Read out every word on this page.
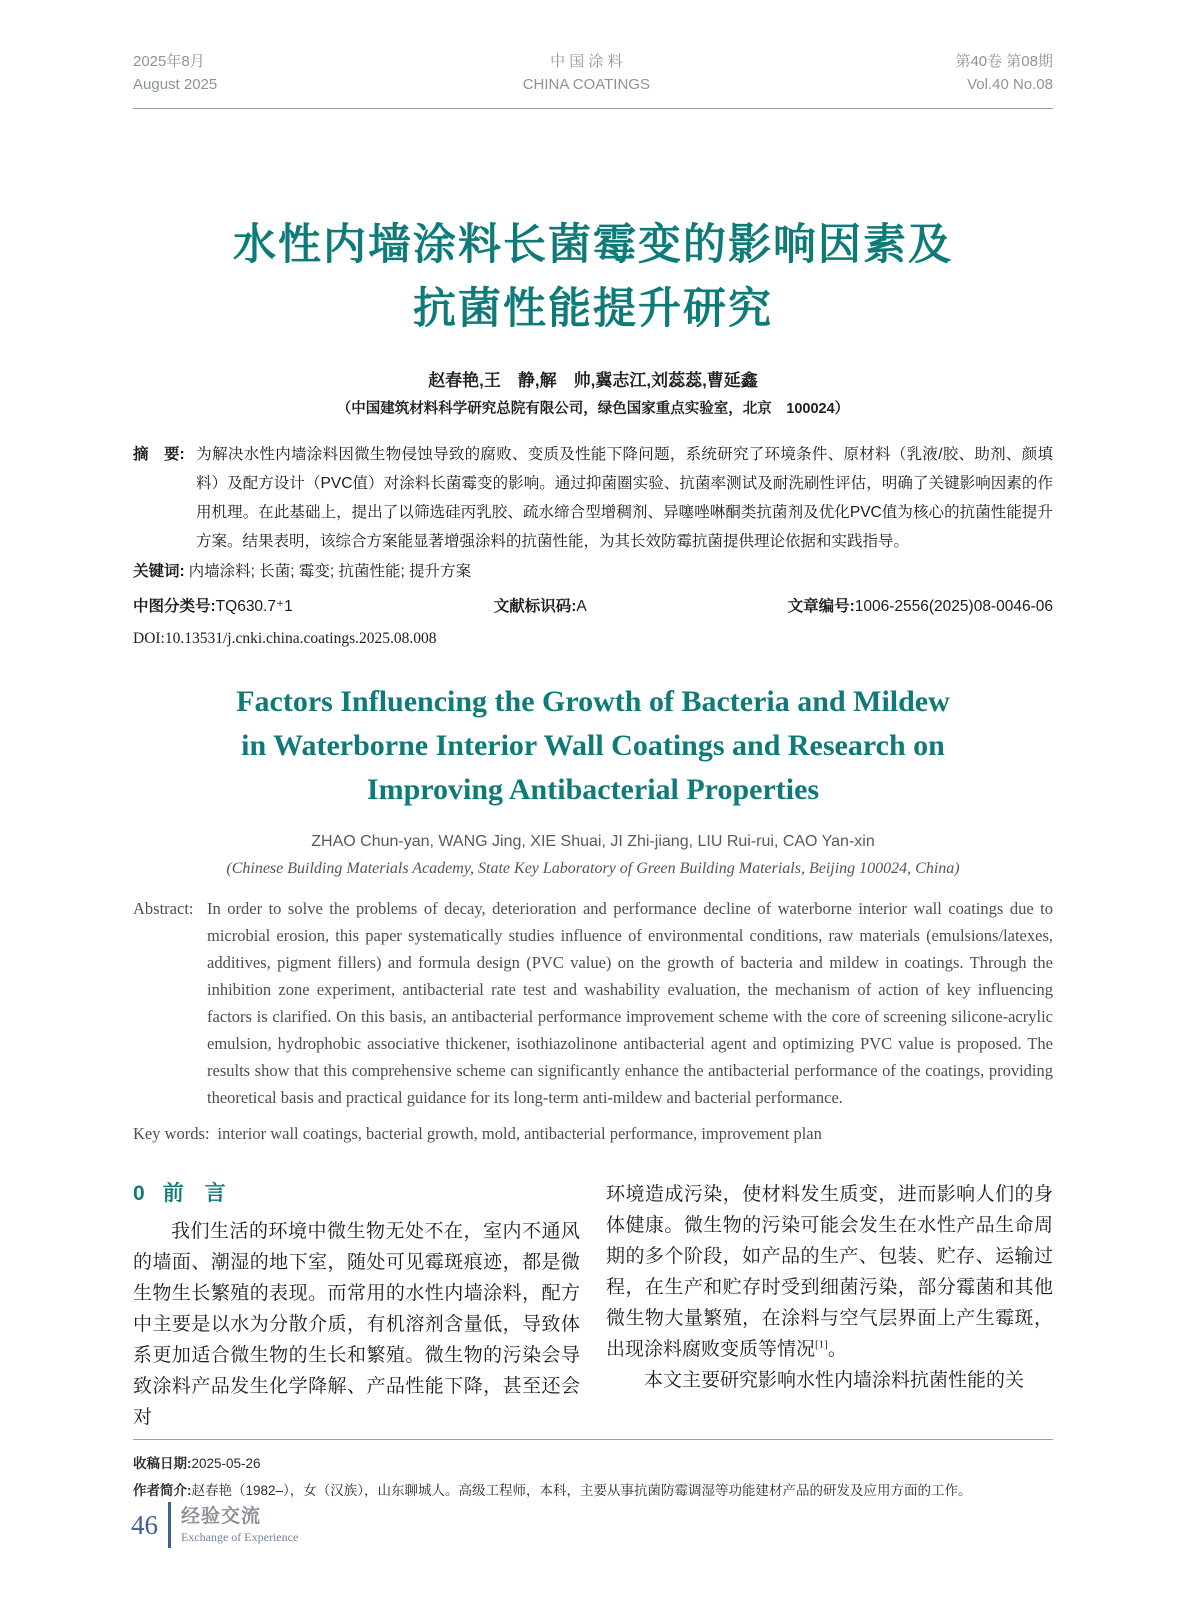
2025年8月
August 2025
中 国 涂 料
CHINA COATINGS
第40卷 第08期
Vol.40 No.08
水性内墙涂料长菌霉变的影响因素及
抗菌性能提升研究
赵春艳,王　静,解　帅,冀志江,刘蕊蕊,曹延鑫
（中国建筑材料科学研究总院有限公司，绿色国家重点实验室，北京　100024）
摘　要: 为解决水性内墙涂料因微生物侵蚀导致的腐败、变质及性能下降问题，系统研究了环境条件、原材料（乳液/胶、助剂、颜填料）及配方设计（PVC值）对涂料长菌霉变的影响。通过抑菌圈实验、抗菌率测试及耐洗刷性评估，明确了关键影响因素的作用机理。在此基础上，提出了以筛选硅丙乳胶、疏水缔合型增稠剂、异噻唑啉酮类抗菌剂及优化PVC值为核心的抗菌性能提升方案。结果表明，该综合方案能显著增强涂料的抗菌性能，为其长效防霉抗菌提供理论依据和实践指导。
关键词: 内墙涂料; 长菌; 霉变; 抗菌性能; 提升方案
中图分类号:TQ630.7⁺1	文献标识码:A	文章编号:1006-2556(2025)08-0046-06
DOI:10.13531/j.cnki.china.coatings.2025.08.008
Factors Influencing the Growth of Bacteria and Mildew
in Waterborne Interior Wall Coatings and Research on
Improving Antibacterial Properties
ZHAO Chun-yan, WANG Jing, XIE Shuai, JI Zhi-jiang, LIU Rui-rui, CAO Yan-xin
(Chinese Building Materials Academy, State Key Laboratory of Green Building Materials, Beijing 100024, China)
Abstract: In order to solve the problems of decay, deterioration and performance decline of waterborne interior wall coatings due to microbial erosion, this paper systematically studies influence of environmental conditions, raw materials (emulsions/latexes, additives, pigment fillers) and formula design (PVC value) on the growth of bacteria and mildew in coatings. Through the inhibition zone experiment, antibacterial rate test and washability evaluation, the mechanism of action of key influencing factors is clarified. On this basis, an antibacterial performance improvement scheme with the core of screening silicone-acrylic emulsion, hydrophobic associative thickener, isothiazolinone antibacterial agent and optimizing PVC value is proposed. The results show that this comprehensive scheme can significantly enhance the antibacterial performance of the coatings, providing theoretical basis and practical guidance for its long-term anti-mildew and bacterial performance.
Key words: interior wall coatings, bacterial growth, mold, antibacterial performance, improvement plan
0 前　言

我们生活的环境中微生物无处不在，室内不通风的墙面、潮湿的地下室，随处可见霉斑痕迹，都是微生物生长繁殖的表现。而常用的水性内墙涂料，配方中主要是以水为分散介质，有机溶剂含量低，导致体系更加适合微生物的生长和繁殖。微生物的污染会导致涂料产品发生化学降解、产品性能下降，甚至还会对

环境造成污染，使材料发生质变，进而影响人们的身体健康。微生物的污染可能会发生在水性产品生命周期的多个阶段，如产品的生产、包装、贮存、运输过程，在生产和贮存时受到细菌污染，部分霉菌和其他微生物大量繁殖，在涂料与空气层界面上产生霉斑，出现涂料腐败变质等情况[1]。

本文主要研究影响水性内墙涂料抗菌性能的关

收稿日期:2025-05-26
作者简介:赵春艳（1982–），女（汉族），山东聊城人。高级工程师，本科，主要从事抗菌防霉调湿等功能建材产品的研发及应用方面的工作。
46 经验交流
Exchange of Experience
